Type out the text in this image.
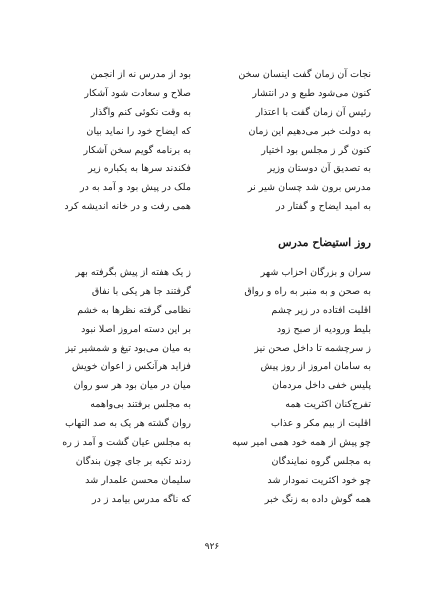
نجات آن زمان گفت اینسان سخن
کنون می‌شود طبع و در انتشار
رئیس آن زمان گفت با اعتذار
به دولت خبر می‌دهیم این زمان
کنون گر ز مجلس بود اختیار
به تصدیق آن دوستان وزیر
مدرس برون شد چسان شیر نر
به امید ایضاح و گفتار در
بود از مدرس نه از انجمن
صلاح و سعادت شود آشکار
به وقت نکوئی کنم واگذار
که ایضاح خود را نماید بیان
به برنامه گویم سخن آشکار
فکندند سرها به یکباره زیر
ملک در پیش بود و آمد به در
همی رفت و در خانه اندیشه کرد
روز استیضاح مدرس
سران و بزرگان احزاب شهر
به صحن و به منبر به راه و رواق
اقلیت افتاده در زیر چشم
بلیط ورودیه از صبح زود
ز سرچشمه تا داخل صحن نیز
به سامان امروز از روز پیش
پلیس خفی داخل مردمان
تفرج‌کنان اکثریت همه
اقلیت از بیم مکر و عذاب
چو پیش از همه خود همی امیر سپه
به مجلس گروه نمایندگان
چو خود اکثریت نمودار شد
همه گوش داده به زنگ خبر
ز یک هفته از پیش بگرفته بهر
گرفتند جا هر یکی با نفاق
نظامی گرفته نظرها به خشم
بر این دسته امروز اصلا نبود
به میان می‌بود تیغ و شمشیر تیز
فزاید هرآنکس ز اعوان خویش
میان در میان بود هر سو روان
به مجلس برفتند بی‌واهمه
روان گشته هر یک به صد التهاب
به مجلس عیان گشت و آمد ز ره
زدند تکیه بر جای چون بندگان
سلیمان محسن علمدار شد
که ناگه مدرس بیامد ز در
۹۲۶
